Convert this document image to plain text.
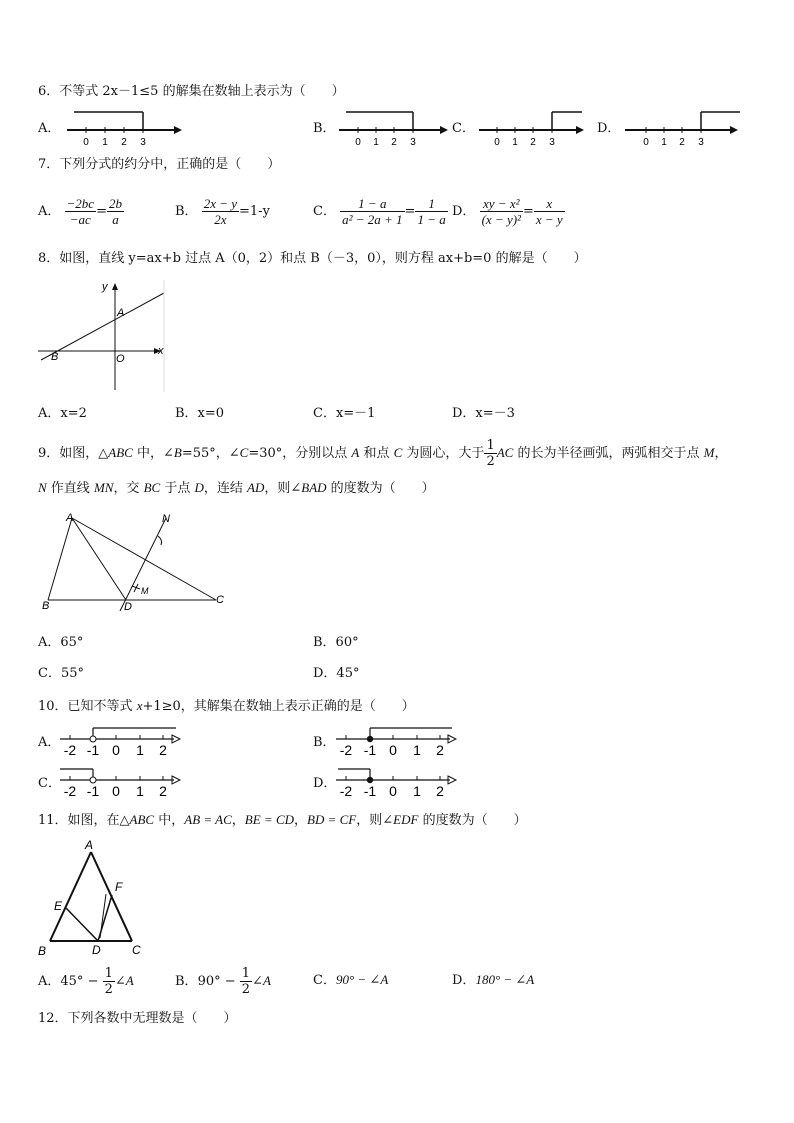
6．不等式 2x－1≤5 的解集在数轴上表示为（　　）
A．
0 1 2 3
B．
0 1 2 3
C．
0 1 2 3
D．
0 1 2 3
7．下列分式的约分中，正确的是（　　）
A． $\frac{-2bc}{-ac} = \frac{2b}{a}$	B． $\frac{2x - y}{2x} =1-y$	C． $\frac{1 - a}{\text{a² − 2a + 1}} = \frac{1}{1 - a}$ D． $\frac{\text{xy − x²}}{\text{(x − y)²}} = \frac{x}{x - y}$
8．如图，直线 y=ax+b 过点 A（0，2）和点 B（－3，0），则方程 ax+b=0 的解是（　　）
y
x
A
B	O
A．x=2	B．x=0	C．x=－1	D．x=－3
9．如图，△ABC 中，∠B=55°，∠C=30°，分别以点 A 和点 C 为圆心，大于 $\frac{1}{2}$ AC 的长为半径画弧，两弧相交于点 M，
N 作直线 MN，交 BC 于点 D，连结 AD，则∠BAD 的度数为（　　）
A
B	C
D
M
N
A．65°	B．60°
C．55°	D．45°
10．已知不等式 x+1≥0，其解集在数轴上表示正确的是（　　）
A． -2 -1 0 1 2	B． -2 -1 0 1 2
C． -2 -1 0 1 2	D． -2 -1 0 1 2
11．如图，在△ABC 中，AB = AC，BE = CD，BD = CF，则∠EDF 的度数为（　　）
A
E
F
B	D	C
A．$45^\circ - \frac{1}{2}$ ∠A	B．$90^\circ - \frac{1}{2}$ ∠A	C．90° − ∠A	D．180° − ∠A
12．下列各数中无理数是（　　）
